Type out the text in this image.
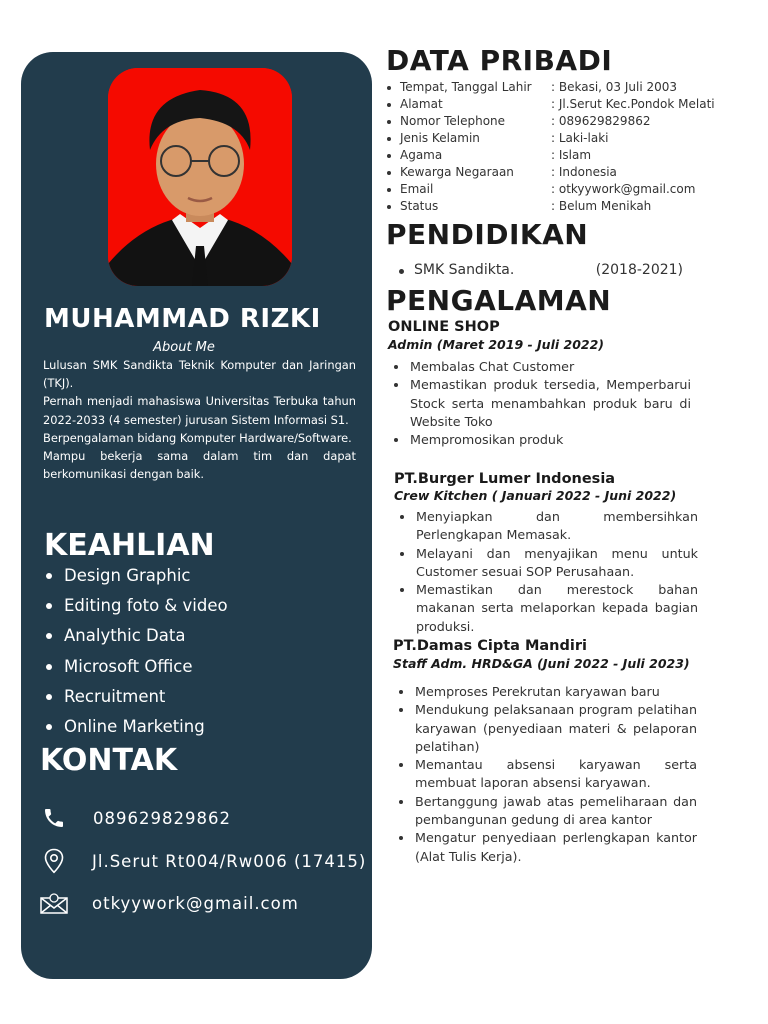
MUHAMMAD RIZKI
About Me

Lulusan SMK Sandikta Teknik Komputer dan Jaringan (TKJ).

Pernah menjadi mahasiswa Universitas Terbuka tahun 2022-2033 (4 semester) jurusan Sistem Informasi S1.

Berpengalaman bidang Komputer Hardware/Software.

Mampu bekerja sama dalam tim dan dapat berkomunikasi dengan baik.

KEAHLIAN
Design Graphic
Editing foto & video
Analythic Data
Microsoft Office
Recruitment
Online Marketing
KONTAK
089629829862
Jl.Serut Rt004/Rw006 (17415)
otkyywork@gmail.com
DATA PRIBADI
Tempat, Tanggal Lahir : Bekasi, 03 Juli 2003
Alamat	: Jl.Serut Kec.Pondok Melati
Nomor Telephone	: 089629829862
Jenis Kelamin	: Laki-laki
Agama	: Islam
Kewarga Negaraan	: Indonesia
Email	: otkyywork@gmail.com
Status	: Belum Menikah
PENDIDIKAN
SMK Sandikta.	(2018-2021)
PENGALAMAN
ONLINE SHOP
Admin (Maret 2019 - Juli 2022)
Membalas Chat Customer
Memastikan produk tersedia, Memperbarui Stock serta menambahkan produk baru di Website Toko
Mempromosikan produk
PT.Burger Lumer Indonesia
Crew Kitchen ( Januari 2022 - Juni 2022)
Menyiapkan dan membersihkan Perlengkapan Memasak.
Melayani dan menyajikan menu untuk Customer sesuai SOP Perusahaan.
Memastikan dan merestock bahan makanan serta melaporkan kepada bagian produksi.
PT.Damas Cipta Mandiri
Staff Adm. HRD&GA (Juni 2022 - Juli 2023)
Memproses Perekrutan karyawan baru
Mendukung pelaksanaan program pelatihan karyawan (penyediaan materi & pelaporan pelatihan)
Memantau absensi karyawan serta membuat laporan absensi karyawan.
Bertanggung jawab atas pemeliharaan dan pembangunan gedung di area kantor
Mengatur penyediaan perlengkapan kantor (Alat Tulis Kerja).
